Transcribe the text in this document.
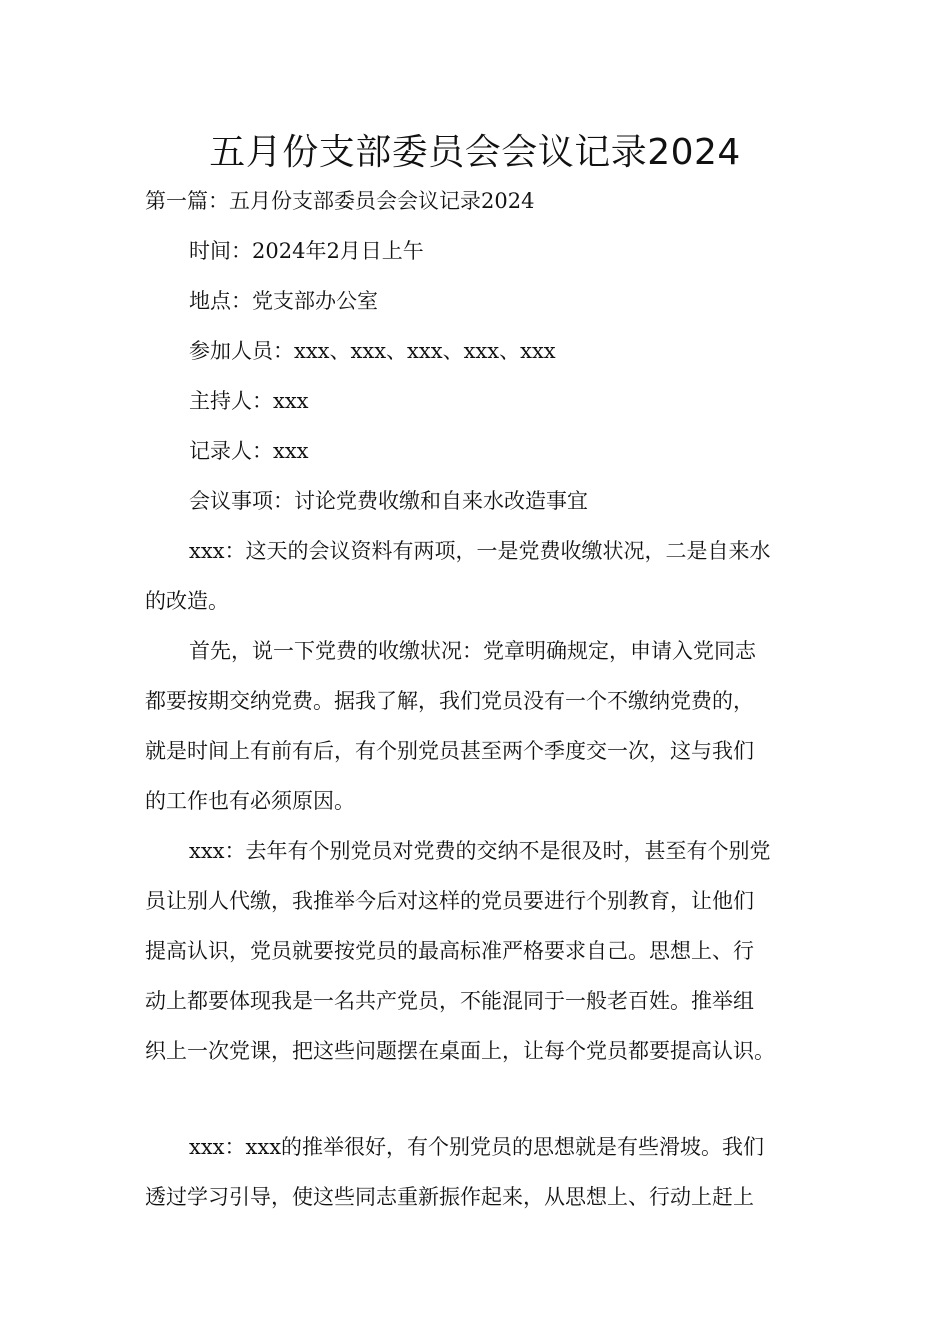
五月份支部委员会会议记录2024
第一篇：五月份支部委员会会议记录2024
时间：2024年2月日上午
地点：党支部办公室
参加人员：xxx、xxx、xxx、xxx、xxx
主持人：xxx
记录人：xxx
会议事项：讨论党费收缴和自来水改造事宜
xxx：这天的会议资料有两项，一是党费收缴状况，二是自来水
的改造。
首先，说一下党费的收缴状况：党章明确规定，申请入党同志
都要按期交纳党费。据我了解，我们党员没有一个不缴纳党费的，
就是时间上有前有后，有个别党员甚至两个季度交一次，这与我们
的工作也有必须原因。
xxx：去年有个别党员对党费的交纳不是很及时，甚至有个别党
员让别人代缴，我推举今后对这样的党员要进行个别教育，让他们
提高认识，党员就要按党员的最高标准严格要求自己。思想上、行
动上都要体现我是一名共产党员，不能混同于一般老百姓。推举组
织上一次党课，把这些问题摆在桌面上，让每个党员都要提高认识。
xxx：xxx的推举很好，有个别党员的思想就是有些滑坡。我们
透过学习引导，使这些同志重新振作起来，从思想上、行动上赶上
